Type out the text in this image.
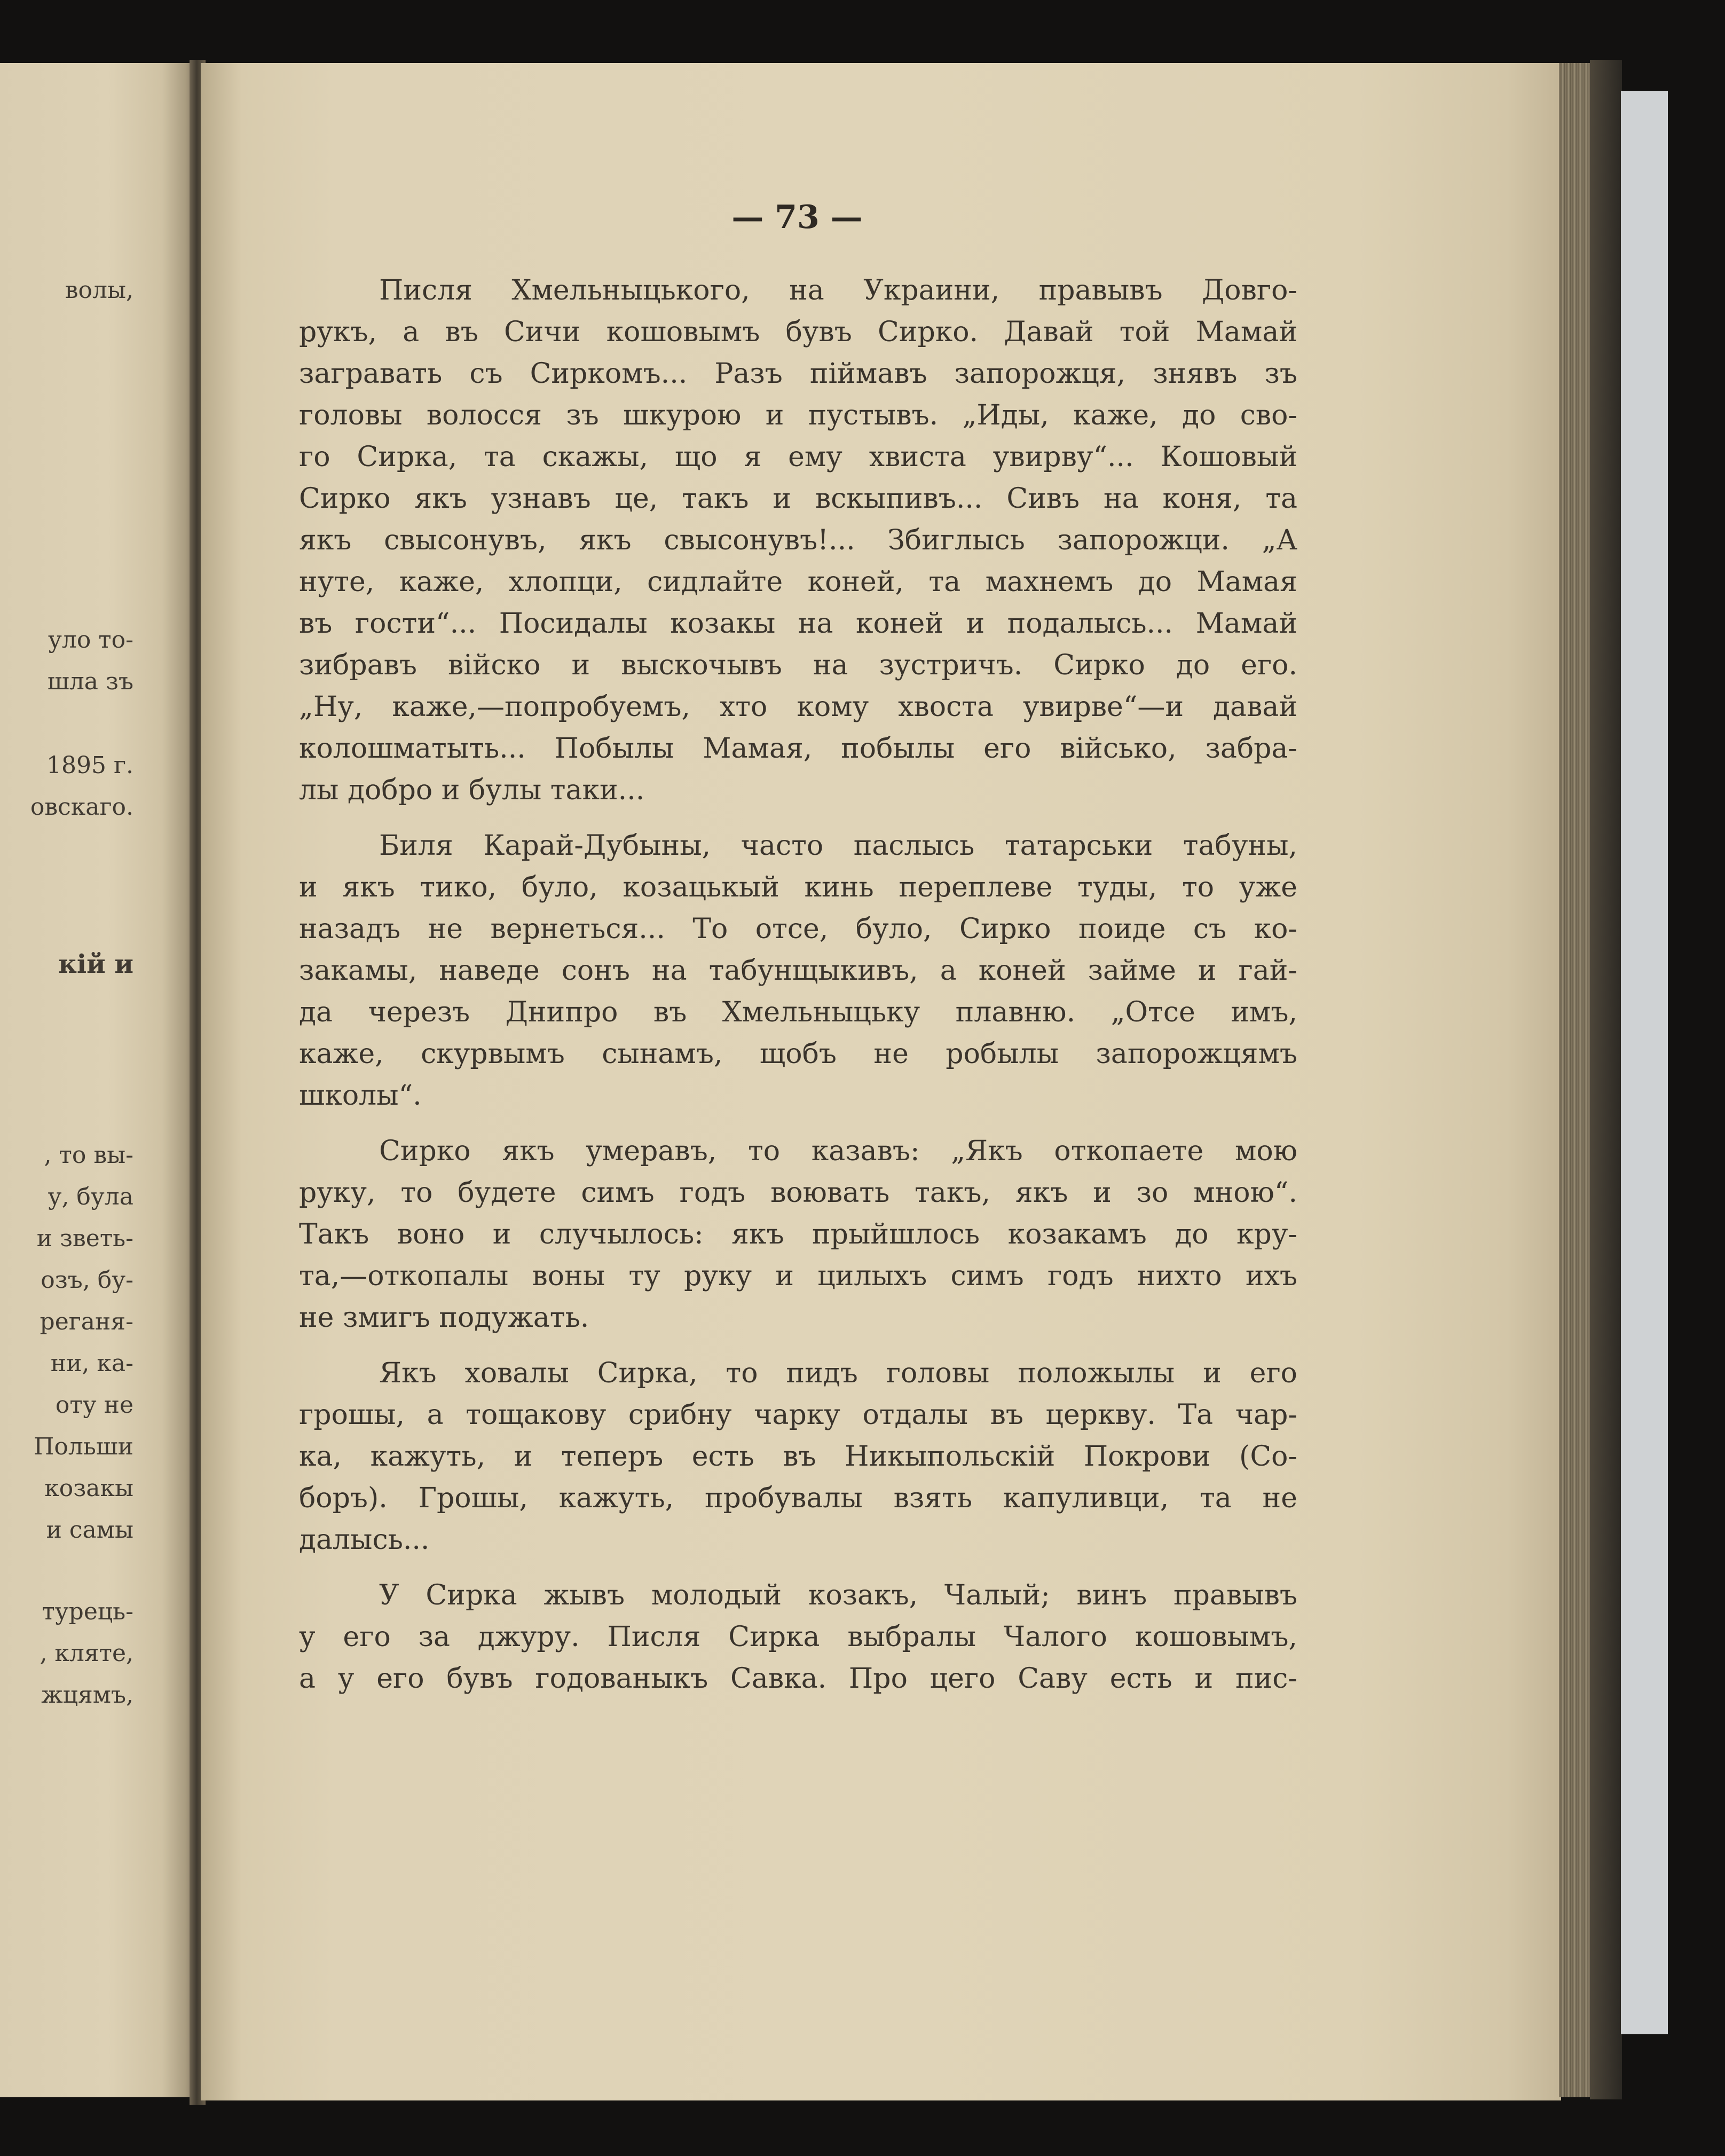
волы,
уло то-
шла зъ
1895 г.
овскаго.
кій и
, то вы-
у, була
и зветь-
озъ, бу-
реганя-
ни, ка-
оту не
Польши
козакы
и самы
турець-
, кляте,
жцямъ,
— 73 —
Писля Хмельныцького, на Украини, правывъ Довго-
рукъ, а въ Сичи кошовымъ бувъ Сирко. Давай той Мамай
загравать съ Сиркомъ... Разъ піймавъ запорожця, знявъ зъ
головы волосся зъ шкурою и пустывъ. „Иды, каже, до сво-
го Сирка, та скажы, що я ему хвиста увирву“... Кошовый
Сирко якъ узнавъ це, такъ и вскыпивъ... Сивъ на коня, та
якъ свысонувъ, якъ свысонувъ!... Збиглысь запорожци. „А
нуте, каже, хлопци, сидлайте коней, та махнемъ до Мамая
въ гости“... Посидалы козакы на коней и подалысь... Мамай
зибравъ війско и выскочывъ на зустричъ. Сирко до его.
„Ну, каже,—попробуемъ, хто кому хвоста увирве“—и давай
колошматыть... Побылы Мамая, побылы его військо, забра-
лы добро и булы таки...
Биля Карай-Дубыны, часто паслысь татарськи табуны,
и якъ тико, було, козацькый кинь переплеве туды, то уже
назадъ не вернеться... То отсе, було, Сирко поиде съ ко-
закамы, наведе сонъ на табунщыкивъ, а коней займе и гай-
да черезъ Днипро въ Хмельныцьку плавню. „Отсе имъ,
каже, скурвымъ сынамъ, щобъ не робылы запорожцямъ
школы“.
Сирко якъ умеравъ, то казавъ: „Якъ откопаете мою
руку, то будете симъ годъ воювать такъ, якъ и зо мною“.
Такъ воно и случылось: якъ прыйшлось козакамъ до кру-
та,—откопалы воны ту руку и цилыхъ симъ годъ нихто ихъ
не змигъ подужать.
Якъ ховалы Сирка, то пидъ головы положылы и его
грошы, а тощакову срибну чарку отдалы въ церкву. Та чар-
ка, кажуть, и теперъ есть въ Никыпольскій Покрови (Со-
боръ). Грошы, кажуть, пробувалы взять капуливци, та не
далысь...
У Сирка жывъ молодый козакъ, Чалый; винъ правывъ
у его за джуру. Писля Сирка выбралы Чалого кошовымъ,
а у его бувъ годованыкъ Савка. Про цего Саву есть и пис-
